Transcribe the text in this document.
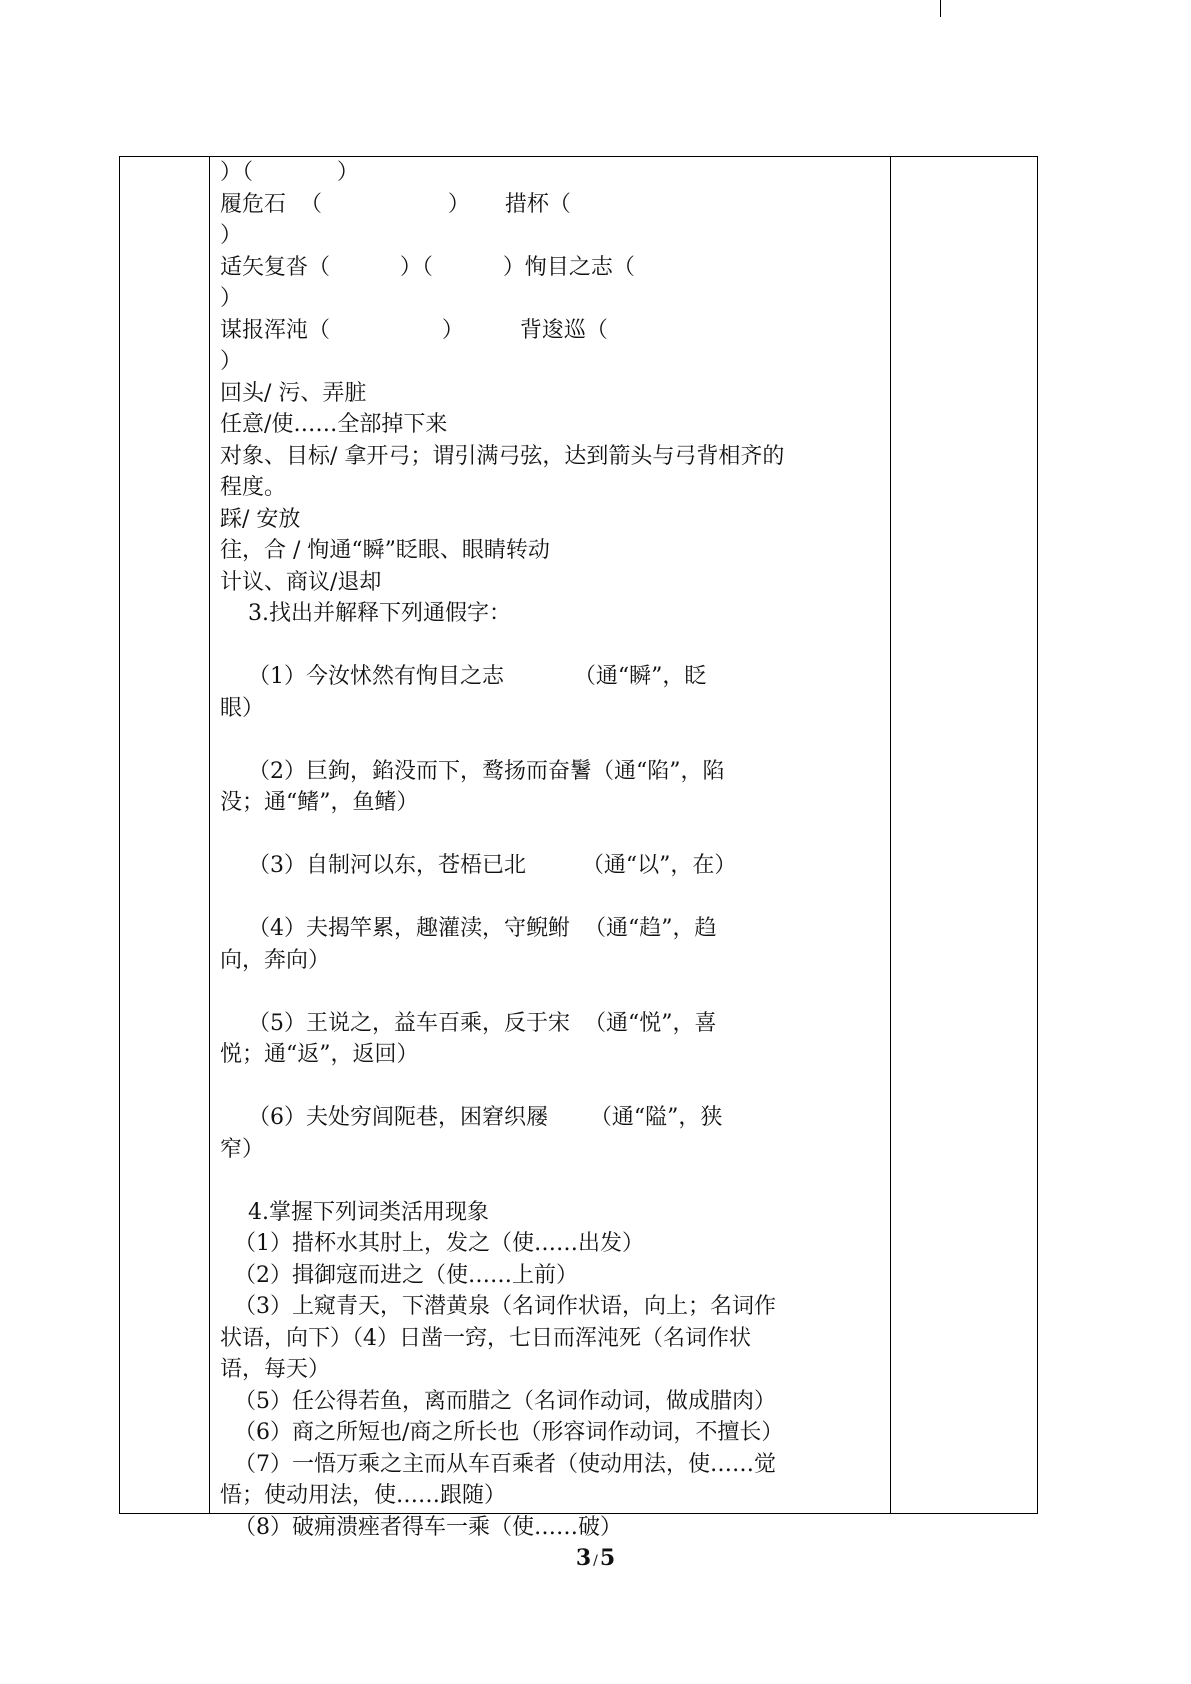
）（            ）
履危石  （                  ）     措杯（
）
适矢复沓（          ）（          ）恂目之志（
）
谋报浑沌（                ）        背逡巡（
）
回头/ 污、弄脏
任意/使……全部掉下来
对象、目标/ 拿开弓；谓引满弓弦，达到箭头与弓背相齐的
程度。
踩/ 安放
往，合 / 恂通“瞬”眨眼、眼睛转动
计议、商议/退却
3.找出并解释下列通假字：
（1）今汝怵然有恂目之志          （通“瞬”，眨
眼）
（2）巨鉤，錎没而下，鹜扬而奋鬐（通“陷”，陷
没；通“鳍”，鱼鳍）
（3）自制河以东，苍梧已北        （通“以”，在）
（4）夫揭竿累，趣灌渎，守鲵鲋  （通“趋”，趋
向，奔向）
（5）王说之，益车百乘，反于宋  （通“悦”，喜
悦；通“返”，返回）
（6）夫处穷闾阨巷，困窘织屦      （通“隘”，狭
窄）
4.掌握下列词类活用现象
（1）措杯水其肘上，发之（使……出发）
（2）揖御寇而进之（使……上前）
（3）上窥青天，下潜黄泉（名词作状语，向上；名词作
状语，向下）（4）日凿一窍，七日而浑沌死（名词作状
语，每天）
（5）任公得若鱼，离而腊之（名词作动词，做成腊肉）
（6）商之所短也/商之所长也（形容词作动词，不擅长）
（7）一悟万乘之主而从车百乘者（使动用法，使……觉
悟；使动用法，使……跟随）
（8）破痈溃痤者得车一乘（使……破）
3 /5
